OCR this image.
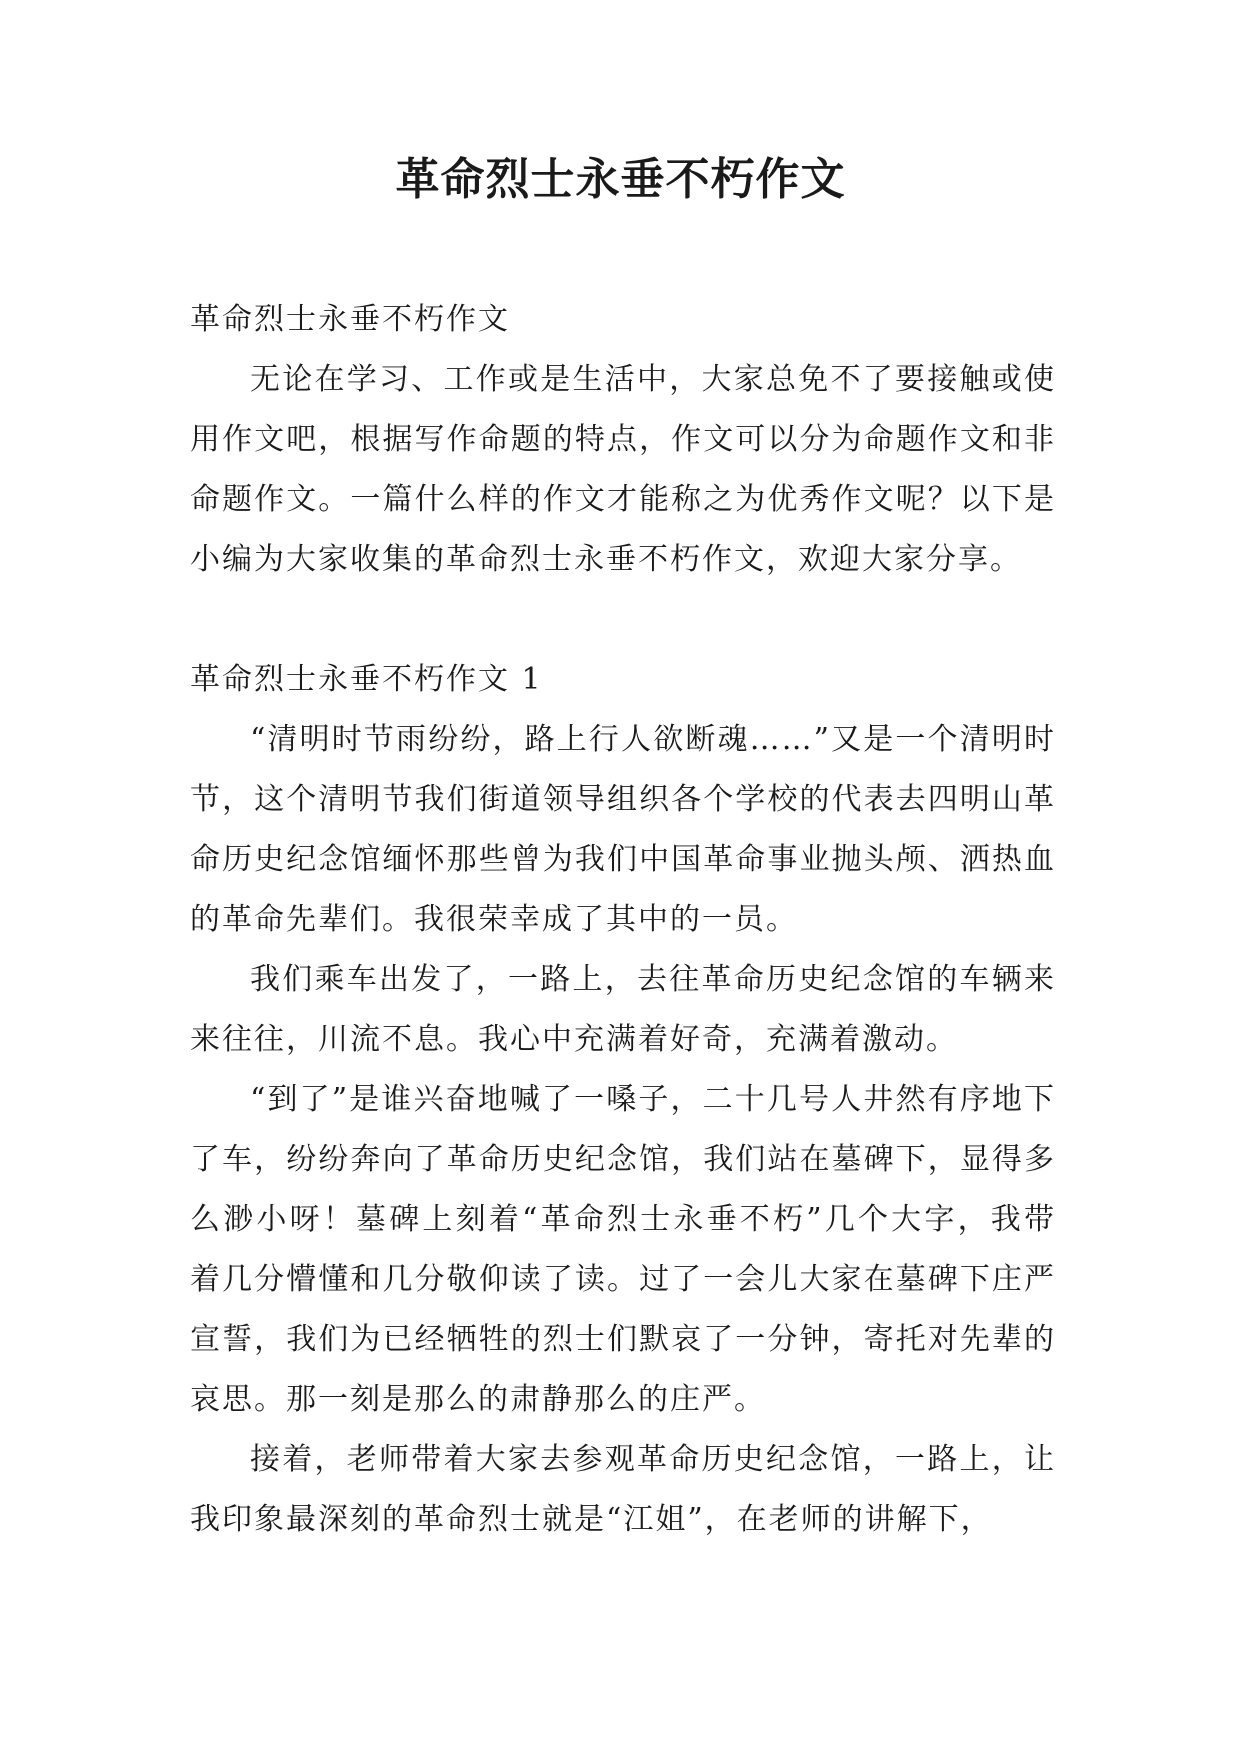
革命烈士永垂不朽作文

革命烈士永垂不朽作文

无论在学习、工作或是生活中，大家总免不了要接触或使用作文吧，根据写作命题的特点，作文可以分为命题作文和非命题作文。一篇什么样的作文才能称之为优秀作文呢？以下是小编为大家收集的革命烈士永垂不朽作文，欢迎大家分享。

革命烈士永垂不朽作文 1

“清明时节雨纷纷，路上行人欲断魂……”又是一个清明时节，这个清明节我们街道领导组织各个学校的代表去四明山革命历史纪念馆缅怀那些曾为我们中国革命事业抛头颅、洒热血的革命先辈们。我很荣幸成了其中的一员。

我们乘车出发了，一路上，去往革命历史纪念馆的车辆来来往往，川流不息。我心中充满着好奇，充满着激动。

“到了”是谁兴奋地喊了一嗓子，二十几号人井然有序地下了车，纷纷奔向了革命历史纪念馆，我们站在墓碑下，显得多么渺小呀！墓碑上刻着“革命烈士永垂不朽”几个大字，我带着几分懵懂和几分敬仰读了读。过了一会儿大家在墓碑下庄严宣誓，我们为已经牺牲的烈士们默哀了一分钟，寄托对先辈的哀思。那一刻是那么的肃静那么的庄严。

接着，老师带着大家去参观革命历史纪念馆，一路上，让我印象最深刻的革命烈士就是“江姐”，在老师的讲解下，
